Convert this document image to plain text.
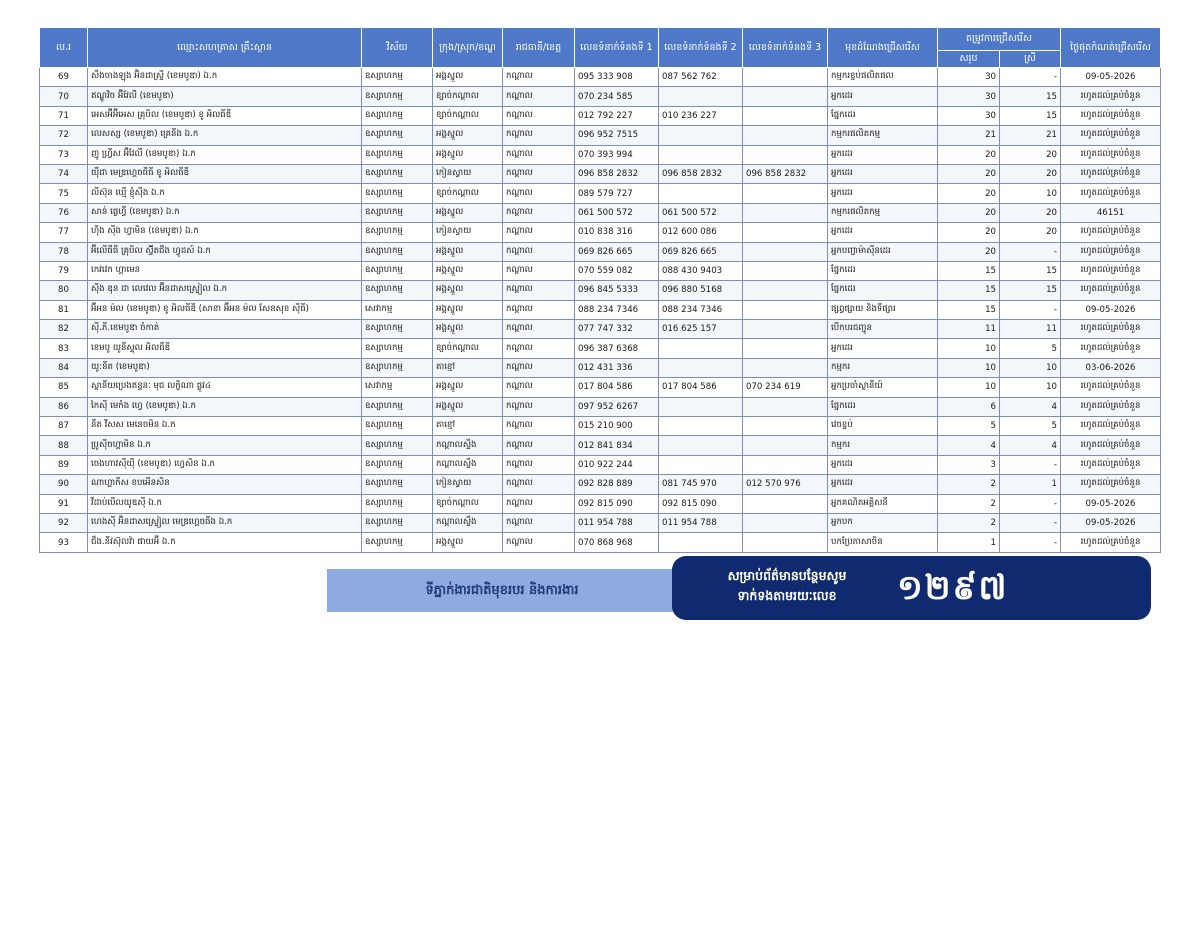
ល.រ	ឈ្មោះសហគ្រាស គ្រឹះស្ថាន	វិស័យ	ក្រុង/ស្រុក/ខណ្ឌ	រាជធានី/ខេត្ត	លេខទំនាក់ទំនងទី 1	លេខទំនាក់ទំនងទី 2	លេខទំនាក់ទំនងទី 3	មុខដំណែងជ្រើសរើស	តម្រូវការជ្រើសរើស		ថ្ងៃផុតកំណត់ជ្រើសរើស
									សរុប	ស្រី	
69	សឹងចាងឡុង អ៊ិនដាស្ទ្រី (ខេមបូឌា) ឯ.ក	ឧស្សាហកម្ម	អង្គស្នួល	កណ្តាល	095 333 908	087 562 762		កម្មករខ្ចប់ផលិតផល	30	-	09-05-2026
70	ឥណ្ឌូវិច អ៊ីវែលឺ (ខេមបូឌា)	ឧស្សាហកម្ម	ខ្សាច់កណ្តាល	កណ្តាល	070 234 585			អ្នកដេរ	30	15	រហូតដល់គ្រប់ចំនួន
71	អេសអ៊ីអ៊ីអេស គ្រុបិល (ខេមបូឌា) ខូ អិលធីឌី	ឧស្សាហកម្ម	ខ្សាច់កណ្តាល	កណ្តាល	012 792 227	010 236 227		ផ្នែកដេរ	30	15	រហូតដល់គ្រប់ចំនួន
72	លេសស្ស (ខេមបូឌា) គ្រេនីង ឯ.ក	ឧស្សាហកម្ម	អង្គស្នួល	កណ្តាល	096 952 7515			កម្មករផលិតកម្ម	21	21	រហូតដល់គ្រប់ចំនួន
73	ញូ ហ្វ្រីស អ៊ីវែលឺ (ខេមបូឌា) ឯ.ក	ឧស្សាហកម្ម	អង្គស្នួល	កណ្តាល	070 393 994			អ្នកដេរ	20	20	រហូតដល់គ្រប់ចំនួន
74	យ៉ឺដា មេឌ្រហ្គេចធីធី ខូ អិលធីឌី	ឧស្សាហកម្ម	កៀនស្វាយ	កណ្តាល	096 858 2832	096 858 2832	096 858 2832	អ្នកដេរ	20	20	រហូតដល់គ្រប់ចំនួន
75	លីស៊ុន ឃ្មើ ខ្ញុំស៊ីង ឯ.ក	ឧស្សាហកម្ម	ខ្សាច់កណ្តាល	កណ្តាល	089 579 727			អ្នកដេរ	20	10	រហូតដល់គ្រប់ចំនួន
76	សាន់ ផ្លេហ្វី (ខេមបូឌា) ឯ.ក	ឧស្សាហកម្ម	អង្គស្នួល	កណ្តាល	061 500 572	061 500 572		កម្មករផលិតកម្ម	20	20	46151
77	ហ៊ីង ស៊ីង ហ្វាមិន (ខេមបូឌា) ឯ.ក	ឧស្សាហកម្ម	កៀនស្វាយ	កណ្តាល	010 838 316	012 600 086		អ្នកដេរ	20	20	រហូតដល់គ្រប់ចំនួន
78	អ៊ីលើធីធី គ្រុបិល ស៊្វីតជីង ហ្វូដស៍ ឯ.ក	ឧស្សាហកម្ម	អង្គស្នួល	កណ្តាល	069 826 665	069 826 665		អ្នកបញ្ជាម៉ាស៊ីនដេរ	20	-	រហូតដល់គ្រប់ចំនួន
79	កេវវេក ហ្គាមេន	ឧស្សាហកម្ម	អង្គស្នួល	កណ្តាល	070 559 082	088 430 9403		ផ្នែកដេរ	15	15	រហូតដល់គ្រប់ចំនួន
80	ស៊ីង ឌុន ដា លេវេល អ៊ីនដាសស្ទ្រៀល ឯ.ក	ឧស្សាហកម្ម	អង្គស្នួល	កណ្តាល	096 845 5333	096 880 5168		ផ្នែកដេរ	15	15	រហូតដល់គ្រប់ចំនួន
81	អ៊ីអន ម៉ល (ខេមបូឌា) ខូ អិលធីឌី (សាខា អ៊ីអន ម៉ល សែនសុខ ស៊ីធី)	សេវាកម្ម	អង្គស្នួល	កណ្តាល	088 234 7346	088 234 7346		ផ្សព្វផ្សាយ និងទីផ្សារ	15	-	09-05-2026
82	ស៊ី.ភី.ខេមបូឌា ចំកាត់	ឧស្សាហកម្ម	អង្គស្នួល	កណ្តាល	077 747 332	016 625 157		បើកបរជញ្ជូន	11	11	រហូតដល់គ្រប់ចំនួន
83	ខេមបូ យូនីស្ទុល អិលធីឌី	ឧស្សាហកម្ម	ខ្សាច់កណ្តាល	កណ្តាល	096 387 6368			អ្នកដេរ	10	5	រហូតដល់គ្រប់ចំនួន
84	យូ:នីត (ខេមបូឌា)	ឧស្សាហកម្ម	តាខ្មៅ	កណ្តាល	012 431 336			កម្មករ	10	10	03-06-2026
85	ស្ថានីយប្រេងឥន្ធនៈ មុជ លក្ខិណា ផ្លូវ៤	សេវាកម្ម	អង្គស្នួល	កណ្តាល	017 804 586	017 804 586	070 234 619	អ្នកប្រចាំស្ថានីយ៍	10	10	រហូតដល់គ្រប់ចំនួន
86	កៃស៊ី មេកំង ហ្វេ (ខេមបូឌា) ឯ.ក	ឧស្សាហកម្ម	អង្គស្នួល	កណ្តាល	097 952 6267			ផ្នែកដេរ	6	4	រហូតដល់គ្រប់ចំនួន
87	នឹត វីសស មេនេចមិន ឯ.ក	ឧស្សាហកម្ម	តាខ្មៅ	កណ្តាល	015 210 900			វេចខ្ចប់	5	5	រហូតដល់គ្រប់ចំនួន
88	ប្រូស៊ីចហ្គាមិន ឯ.ក	ឧស្សាហកម្ម	កណ្តាលស្ទឹង	កណ្តាល	012 841 834			កម្មករ	4	4	រហូតដល់គ្រប់ចំនួន
89	ចេងហាវស៊ីយ៉ី (ខេមបូឌា) ហ្វេសិន ឯ.ក	ឧស្សាហកម្ម	កណ្តាលស្ទឹង	កណ្តាល	010 922 244			អ្នកដេរ	3	-	រហូតដល់គ្រប់ចំនួន
90	ណាហ្គាកីស ខបអើនសិន	ឧស្សាហកម្ម	កៀនស្វាយ	កណ្តាល	092 828 889	081 745 970	012 570 976	អ្នកដេរ	2	1	រហូតដល់គ្រប់ចំនួន
91	វីដាប់បើលយូឌស៊ី ឯ.ក	ឧស្សាហកម្ម	ខ្សាច់កណ្តាល	កណ្តាល	092 815 090	092 815 090		អ្នកគណិតអគ្គិសនី	2	-	09-05-2026
92	ហេងស៊ី អ៊ិនដាសស្រ្ទៀល មេឌ្រហ្គេចធីង ឯ.ក	ឧស្សាហកម្ម	កណ្តាលស្ទឹង	កណ្តាល	011 954 788	011 954 788		អ្នកបក	2	-	09-05-2026
93	ជឹង.នីវស៊ុលវ៉ា ផាយអ៊ី ឯ.ក	ឧស្សាហកម្ម	អង្គស្នួល	កណ្តាល	070 868 968			បកប្រែភាសាចិន	1	-	រហូតដល់គ្រប់ចំនួន
ទីភ្នាក់ងារជាតិមុខរបរ និងការងារ
សម្រាប់ព័ត៌មានបន្ថែមសូម
ទាក់ទងតាមរយៈលេខ	១២៩៧
